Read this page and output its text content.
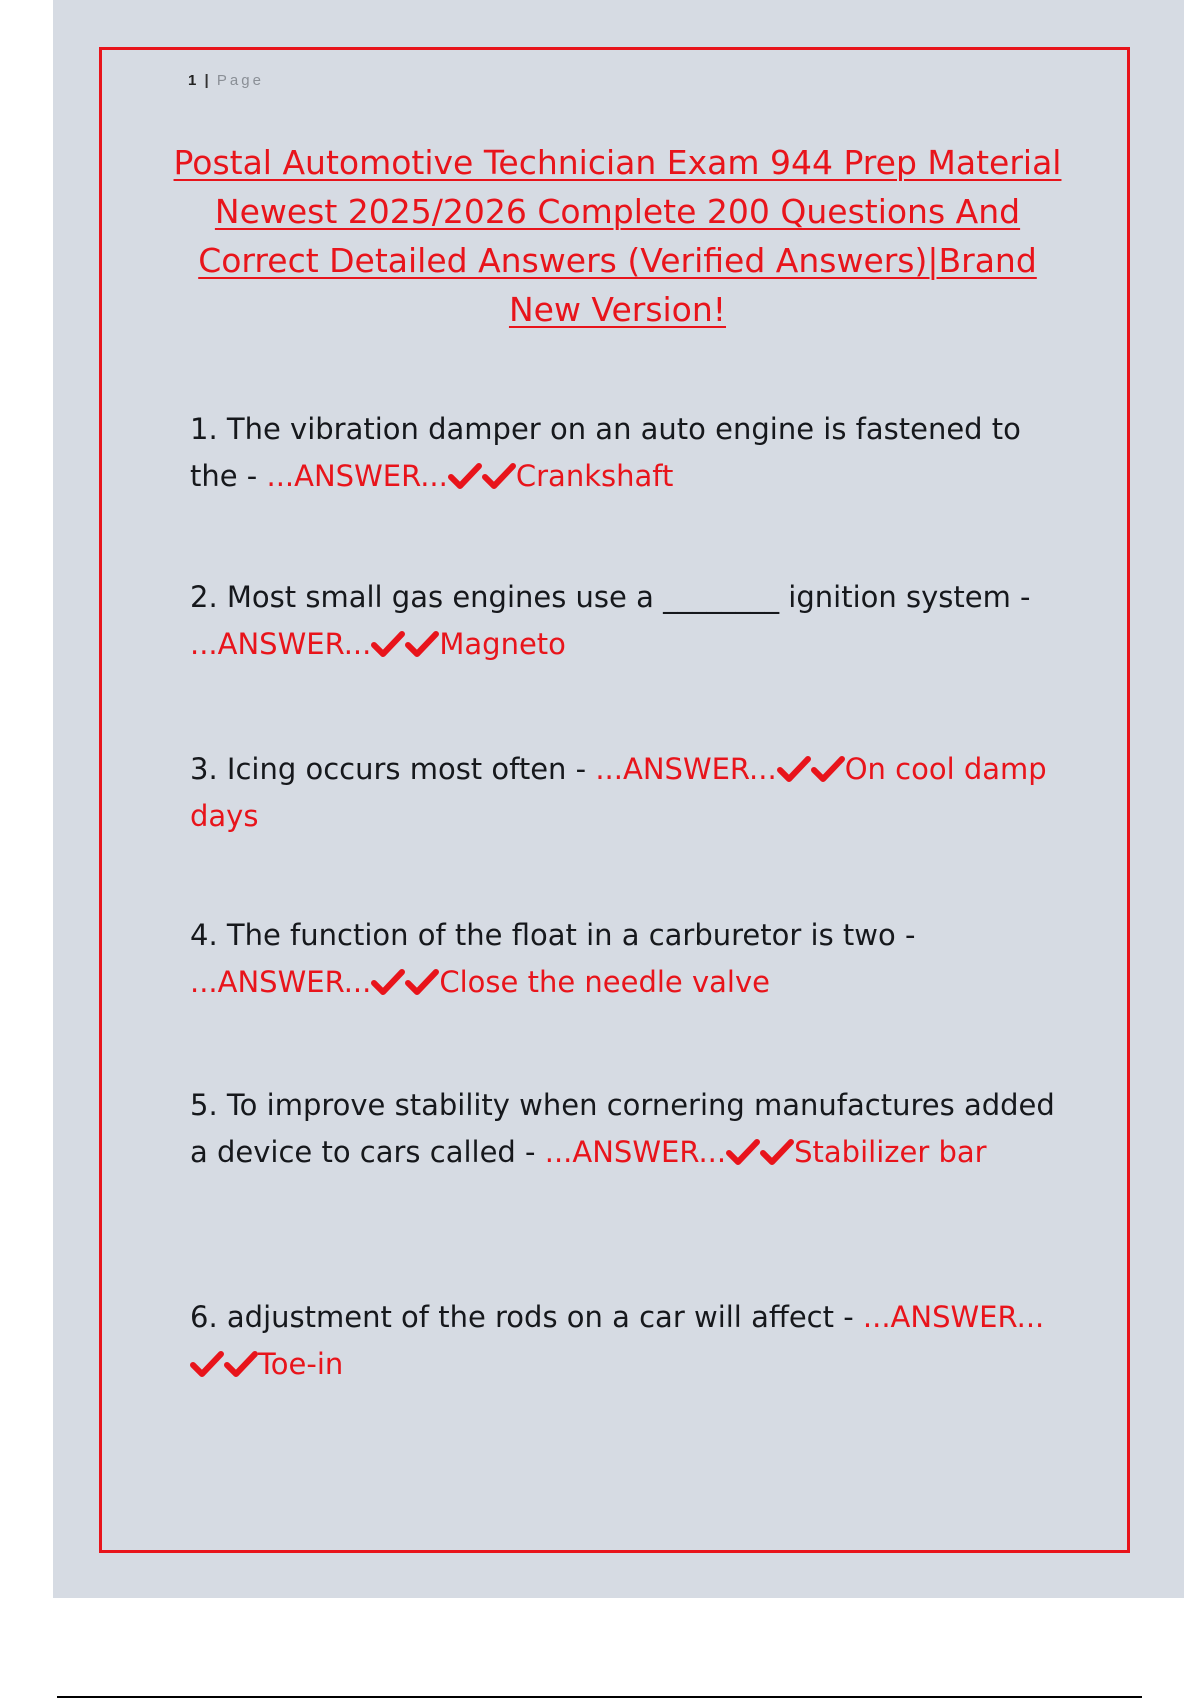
1 | Page
Postal Automotive Technician Exam 944 Prep Material Newest 2025/2026 Complete 200 Questions And Correct Detailed Answers (Verified Answers)|Brand New Version!
1. The vibration damper on an auto engine is fastened to the - ...ANSWER... Crankshaft
2. Most small gas engines use a ________ ignition system - ...ANSWER... Magneto
3. Icing occurs most often - ...ANSWER... On cool damp days
4. The function of the float in a carburetor is two - ...ANSWER... Close the needle valve
5. To improve stability when cornering manufactures added a device to cars called - ...ANSWER... Stabilizer bar
6. adjustment of the rods on a car will affect - ...ANSWER...
Toe-in
